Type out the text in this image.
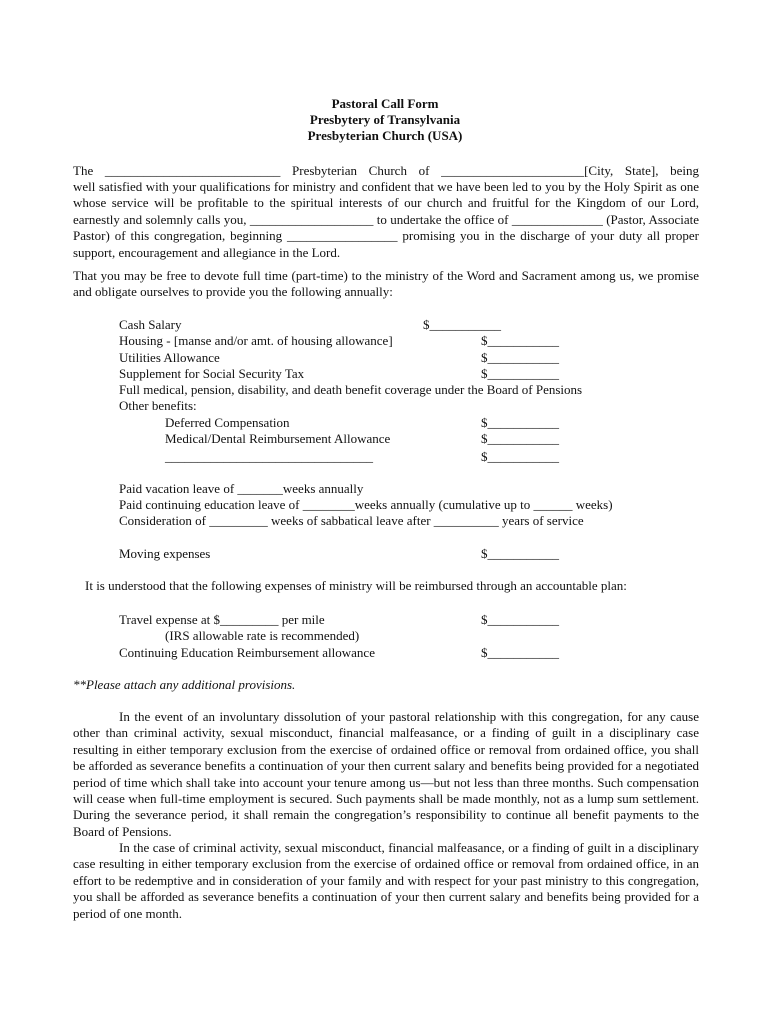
Pastoral Call Form
Presbytery of Transylvania
Presbyterian Church (USA)
The ___________________________ Presbyterian Church of ______________________[City, State], being
well satisfied with your qualifications for ministry and confident that we have been led to you by the Holy Spirit as one whose service will be profitable to the spiritual interests of our church and fruitful for the Kingdom of our Lord, earnestly and solemnly calls you, ___________________ to undertake the office of ______________ (Pastor, Associate Pastor) of this congregation, beginning _________________ promising you in the discharge of your duty all proper support, encouragement and allegiance in the Lord.
That you may be free to devote full time (part-time) to the ministry of the Word and Sacrament among us, we promise and obligate ourselves to provide you the following annually:
Cash Salary	$___________
Housing - [manse and/or amt. of housing allowance]	$___________
Utilities Allowance	$___________
Supplement for Social Security Tax	$___________
Full medical, pension, disability, and death benefit coverage under the Board of Pensions
Other benefits:
Deferred Compensation	$___________
Medical/Dental Reimbursement Allowance	$___________
________________________________	$___________
Paid vacation leave of _______weeks annually
Paid continuing education leave of ________weeks annually (cumulative up to ______ weeks)
Consideration of _________ weeks of sabbatical leave after __________ years of service
Moving expenses	$___________
It is understood that the following expenses of ministry will be reimbursed through an accountable plan:
Travel expense at $_________ per mile	$___________
(IRS allowable rate is recommended)
Continuing Education Reimbursement allowance	$___________
**Please attach any additional provisions.
In the event of an involuntary dissolution of your pastoral relationship with this congregation, for any cause other than criminal activity, sexual misconduct, financial malfeasance, or a finding of guilt in a disciplinary case resulting in either temporary exclusion from the exercise of ordained office or removal from ordained office, you shall be afforded as severance benefits a continuation of your then current salary and benefits being provided for a negotiated period of time which shall take into account your tenure among us—but not less than three months. Such compensation will cease when full-time employment is secured. Such payments shall be made monthly, not as a lump sum settlement. During the severance period, it shall remain the congregation’s responsibility to continue all benefit payments to the Board of Pensions.
In the case of criminal activity, sexual misconduct, financial malfeasance, or a finding of guilt in a disciplinary case resulting in either temporary exclusion from the exercise of ordained office or removal from ordained office, in an effort to be redemptive and in consideration of your family and with respect for your past ministry to this congregation, you shall be afforded as severance benefits a continuation of your then current salary and benefits being provided for a period of one month.
